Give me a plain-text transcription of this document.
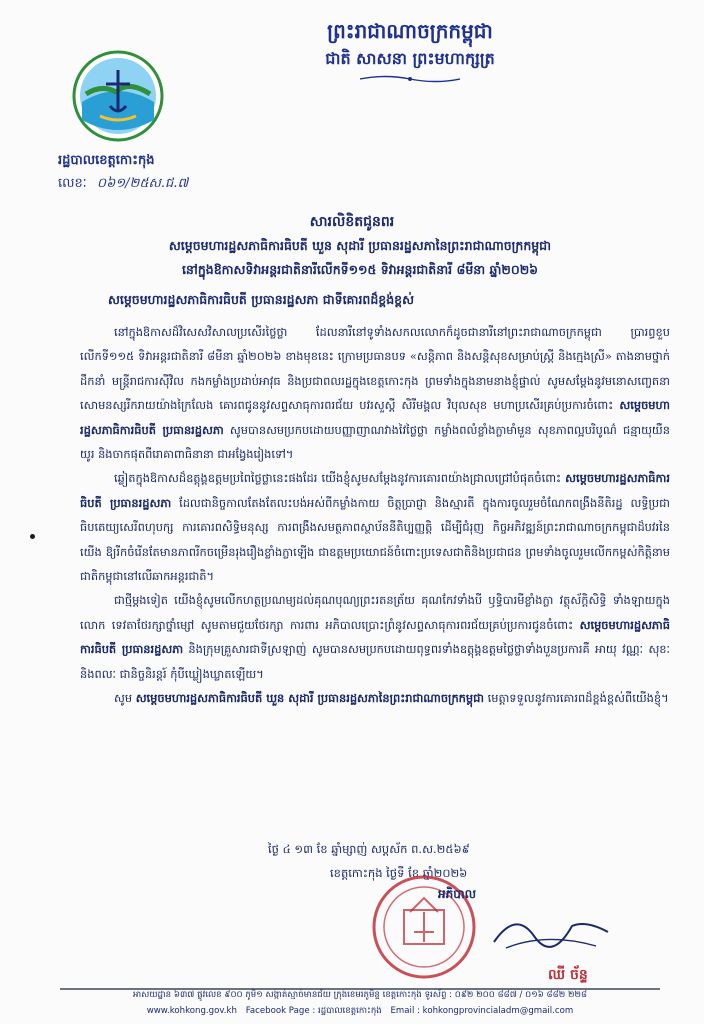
ព្រះរាជាណាចក្រកម្ពុជា
ជាតិ សាសនា ព្រះមហាក្សត្រ
រដ្ឋបាលខេត្តកោះកុង
លេខៈ ០៦១/២៥ស.ជ.៧
សារលិខិតជូនពរ
សម្តេចមហារដ្ឋសភាធិការធិបតី ឃួន សុដារី ប្រធានរដ្ឋសភានៃព្រះរាជាណាចក្រកម្ពុជា
នៅក្នុងឱកាសទិវាអន្តរជាតិនារីលើកទី១១៥ ទិវាអន្តរជាតិនារី ៨មីនា ឆ្នាំ២០២៦
សម្តេចមហារដ្ឋសភាធិការធិបតី ប្រធានរដ្ឋសភា ជាទីគោរពដ៏ខ្ពង់ខ្ពស់

នៅក្នុងឱកាសដ៏វិសេសវិសាលប្រសើរថ្លៃថ្លា ដែលនារីនៅទូទាំងសកលលោកក៏ដូចជានារីនៅព្រះរាជាណាចក្រកម្ពុជា ប្រារព្ធខួបលើកទី១១៥ ទិវាអន្តរជាតិនារី ៨មីនា ឆ្នាំ២០២៦ ខាងមុខនេះ ក្រោមប្រធានបទ «សន្តិភាព និងសន្តិសុខសម្រាប់ស្ត្រី និងក្មេងស្រី» តាងនាមថ្នាក់ដឹកនាំ មន្ត្រីរាជការស៊ីវិល កងកម្លាំងប្រដាប់អាវុធ និងប្រជាពលរដ្ឋក្នុងខេត្តកោះកុង ព្រមទាំងក្នុងនាមនាងខ្ញុំផ្ទាល់ សូមសម្តែងនូវមនោសញ្ចេតនាសោមនស្សរីករាយយ៉ាងក្រៃលែង គោរពជូននូវសព្ទសាធុការពរជ័យ បវរសួស្តី សិរីមង្គល វិបុលសុខ មហាប្រសើរគ្រប់ប្រការចំពោះ សម្តេចមហារដ្ឋសភាធិការធិបតី ប្រធានរដ្ឋសភា សូមបានសមប្រកបដោយបញ្ញាញាណវាងវៃថ្លៃថ្លា កម្លាំងពលំខ្លាំងក្លាមាំមួន សុខភាពល្អបរិបូណ៌ ជន្មាយុយឺនយូរ និងចាកផុតពីរោគាពាធិនានា ជាអង្វែងរៀងទៅ។

ឆ្លៀតក្នុងឱកាសដ៏ឧត្តុង្គឧត្តមប្រពៃថ្លៃថ្លានេះផងដែរ យើងខ្ញុំសូមសម្តែងនូវការគោរពយ៉ាងជ្រាលជ្រៅបំផុតចំពោះ សម្តេចមហារដ្ឋសភាធិការធិបតី ប្រធានរដ្ឋសភា ដែលជានិច្ចកាលតែងតែលះបង់អស់ពីកម្លាំងកាយ ចិត្តប្រាជ្ញា និងស្មារតី ក្នុងការចូលរួមចំណែកពង្រឹងនីតិរដ្ឋ លទ្ធិប្រជាធិបតេយ្យសេរីពហុបក្ស ការគោរពសិទ្ធិមនុស្ស ការពង្រឹងសមត្ថភាពស្ថាប័ននីតិប្បញ្ញត្តិ ដើម្បីជំរុញ កិច្ចអភិវឌ្ឍន៍ព្រះរាជាណាចក្រកម្ពុជាដ៏បវរនៃយើង ឱ្យរីកចំរើនតែមានភាពរីកចម្រើនរុងរឿងខ្លាំងក្លាឡើង ជាឧត្តមប្រយោជន៍ចំពោះប្រទេសជាតិនិងប្រជាជន ព្រមទាំងចូលរួមលើកកម្ពស់កិត្តិនាមជាតិកម្ពុជានៅលើឆាកអន្តរជាតិ។

ជាថ្មីម្តងទៀត យើងខ្ញុំសូមលើកហត្ថប្រណម្យដល់គុណបុណ្យព្រះរតនត្រ័យ គុណកែវទាំងបី ឫទ្ធិបារមីខ្លាំងក្លា វត្ថុស័ក្តិសិទ្ធិ ទាំងឡាយក្នុងលោក ទេវតាថែរក្សាថ្នាំម្សៅ សូមតាមជួយថែរក្សា ការពារ អភិបាលប្រោះព្រំនូវសព្ទសាធុការពរជ័យគ្រប់ប្រការជូនចំពោះ សម្តេចមហារដ្ឋសភាធិការធិបតី ប្រធានរដ្ឋសភា និងក្រុមគ្រួសារជាទីស្រឡាញ់ សូមបានសមប្រកបដោយពុទ្ធពរទាំងឧត្តុង្គឧត្តមថ្លៃថ្លាទាំងបួនប្រការគឺ អាយុ វណ្ណៈ សុខៈ និងពលៈ ជានិច្ចនិរន្តរ៍ កុំបីឃ្លៀងឃ្លាតឡើយ។

សូម សម្តេចមហារដ្ឋសភាធិការធិបតី ឃួន សុដារី ប្រធានរដ្ឋសភានៃព្រះរាជាណាចក្រកម្ពុជា មេត្តាទទួលនូវការគោរពដ៏ខ្ពង់ខ្ពស់ពីយើងខ្ញុំ។

ថ្ងៃ ៤ ១៣ ខែ ឆ្នាំម្សាញ់ សប្តស័ក ព.ស.២៥៦៩
ខេត្តកោះកុង ថ្ងៃទី ខែ ឆ្នាំ២០២៦
អភិបាល
ឈី ច័ន្ទ
អាសយដ្ឋាន ៦៣៧ ផ្លូវលេខ ៩០០ ភូមិ១ សង្កាត់ស្មាច់មានជ័យ ក្រុងខេមរភូមិន្ទ ខេត្តកោះកុង ទូរស័ព្ទ : ០៩២ ២០០ ៨៨៧ / ០១៦ ៨៨២ ២២៨
www.kohkong.gov.kh Facebook Page : រដ្ឋបាលខេត្តកោះកុង Email : kohkongprovincialadm@gmail.com
